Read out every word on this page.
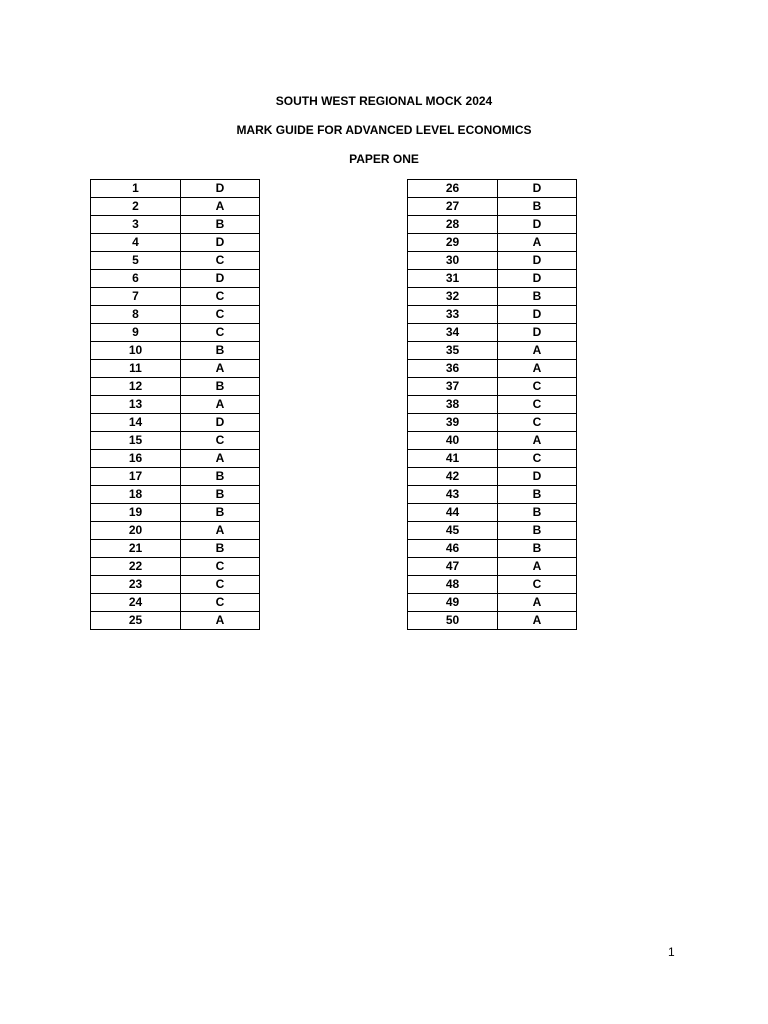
SOUTH WEST REGIONAL MOCK 2024
MARK GUIDE FOR ADVANCED LEVEL ECONOMICS
PAPER ONE
1	D
2	A
3	B
4	D
5	C
6	D
7	C
8	C
9	C
10	B
11	A
12	B
13	A
14	D
15	C
16	A
17	B
18	B
19	B
20	A
21	B
22	C
23	C
24	C
25	A
26	D
27	B
28	D
29	A
30	D
31	D
32	B
33	D
34	D
35	A
36	A
37	C
38	C
39	C
40	A
41	C
42	D
43	B
44	B
45	B
46	B
47	A
48	C
49	A
50	A
1
